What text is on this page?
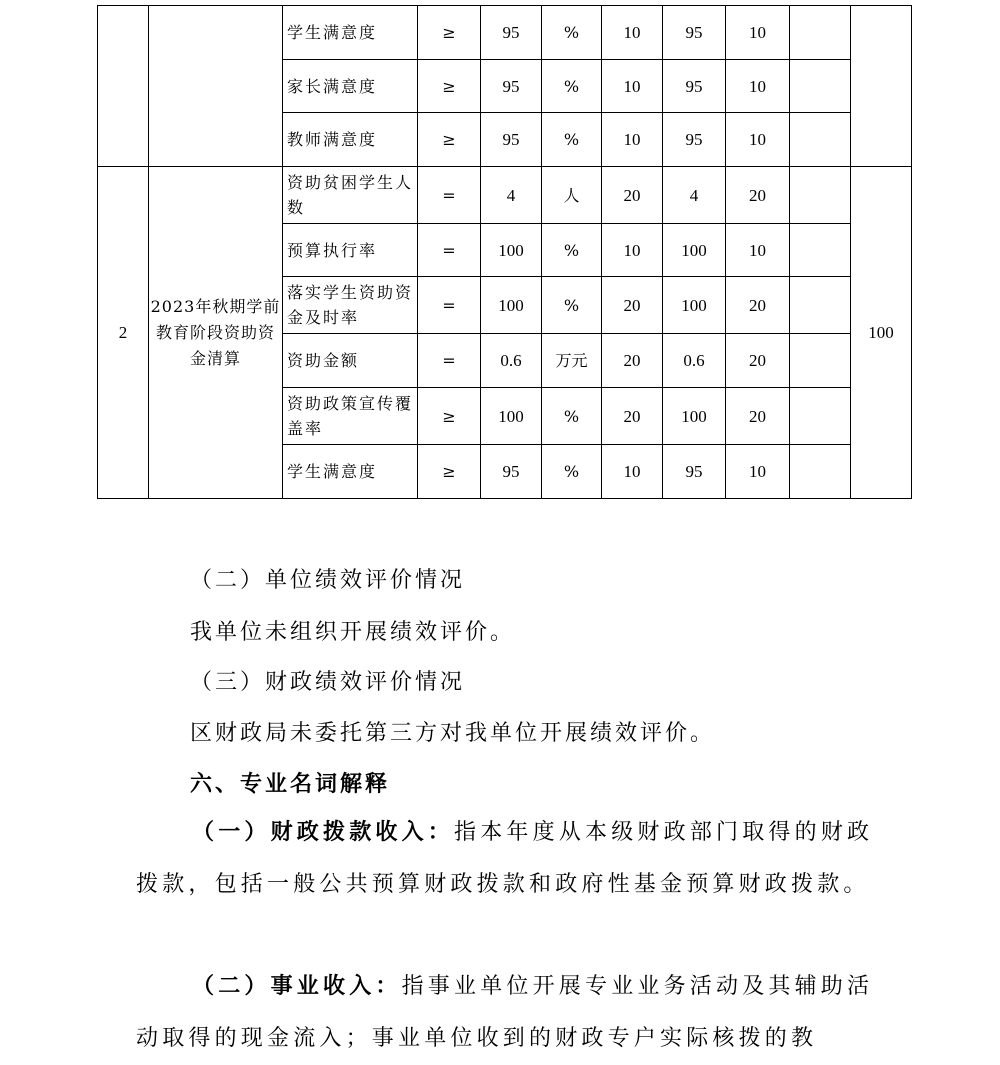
		学生满意度	≥	95	%	10	95	10		
		家长满意度	≥	95	%	10	95	10		
		教师满意度	≥	95	%	10	95	10		
2	2023年秋期学前教育阶段资助资金清算	资助贫困学生人数	=	4	人	20	4	20		100
		预算执行率	=	100	%	10	100	10		
		落实学生资助资金及时率	=	100	%	20	100	20		
		资助金额	=	0.6	万元	20	0.6	20		
		资助政策宣传覆盖率	≥	100	%	20	100	20		
		学生满意度	≥	95	%	10	95	10		
（二）单位绩效评价情况
我单位未组织开展绩效评价。
（三）财政绩效评价情况
区财政局未委托第三方对我单位开展绩效评价。
六、专业名词解释
（一）财政拨款收入：指本年度从本级财政部门取得的财政拨款，包括一般公共预算财政拨款和政府性基金预算财政拨款。
（二）事业收入：指事业单位开展专业业务活动及其辅助活动取得的现金流入；事业单位收到的财政专户实际核拨的教
